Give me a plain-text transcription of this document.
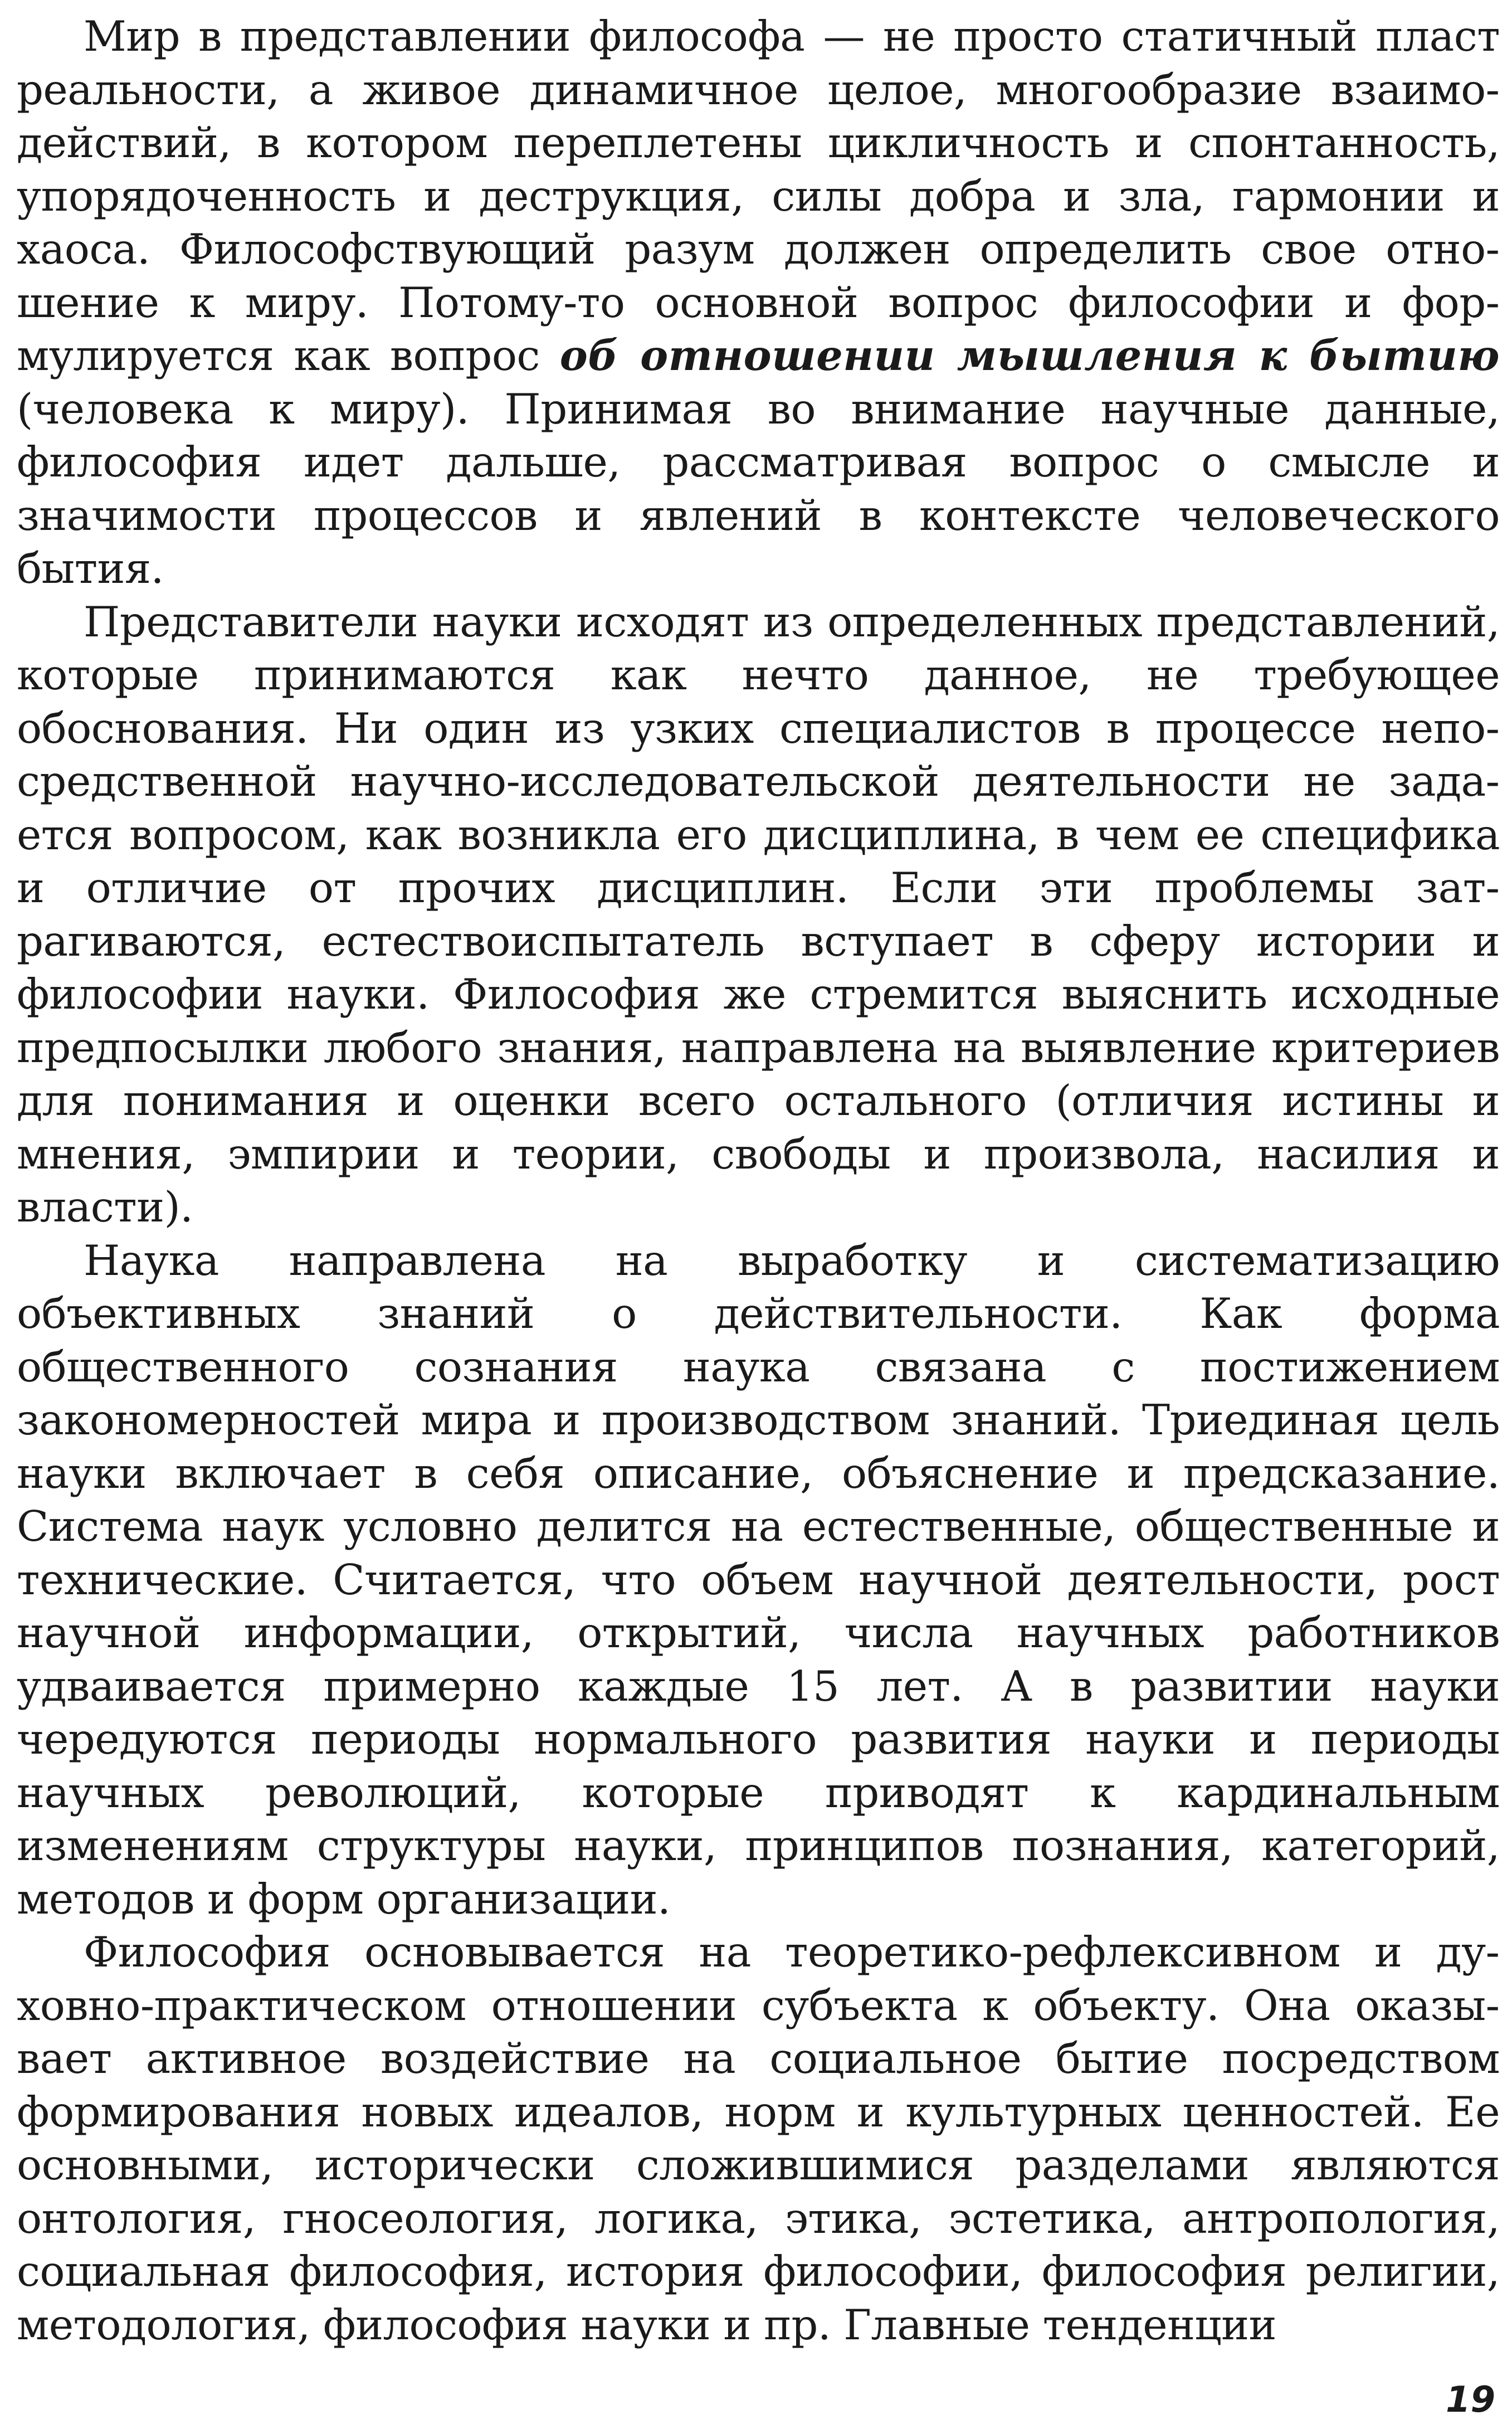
Мир в представлении философа — не просто статичный пласт реальности, а живое динамичное целое, многообразие взаимодействий, в котором переплетены цикличность и спонтанность, упорядоченность и деструкция, силы добра и зла, гармонии и хаоса. Философствующий разум должен определить свое отношение к миру. Потому-то основной вопрос философии и формулируется как вопрос об отношении мышления к бытию (человека к миру). Принимая во внимание научные данные, философия идет дальше, рассматривая вопрос о смысле и значимости процессов и явлений в контексте человеческого бытия.

Представители науки исходят из определенных представлений, которые принимаются как нечто данное, не требующее обоснования. Ни один из узких специалистов в процессе непосредственной научно-исследовательской деятельности не задается вопросом, как возникла его дисциплина, в чем ее специфика и отличие от прочих дисциплин. Если эти проблемы затрагиваются, естествоиспытатель вступает в сферу истории и философии науки. Философия же стремится выяснить исходные предпосылки любого знания, направлена на выявление критериев для понимания и оценки всего остального (отличия истины и мнения, эмпирии и теории, свободы и произвола, насилия и власти).

Наука направлена на выработку и систематизацию объективных знаний о действительности. Как форма общественного сознания наука связана с постижением закономерностей мира и производством знаний. Триединая цель науки включает в себя описание, объяснение и предсказание. Система наук условно делится на естественные, общественные и технические. Считается, что объем научной деятельности, рост научной информации, открытий, числа научных работников удваивается примерно каждые 15 лет. А в развитии науки чередуются периоды нормального развития науки и периоды научных революций, которые приводят к кардинальным изменениям структуры науки, принципов познания, категорий, методов и форм организации.

Философия основывается на теоретико-рефлексивном и духовно-практическом отношении субъекта к объекту. Она оказывает активное воздействие на социальное бытие посредством формирования новых идеалов, норм и культурных ценностей. Ее основными, исторически сложившимися разделами являются онтология, гносеология, логика, этика, эстетика, антропология, социальная философия, история философии, философия религии, методология, философия науки и пр. Главные тенденции

19
